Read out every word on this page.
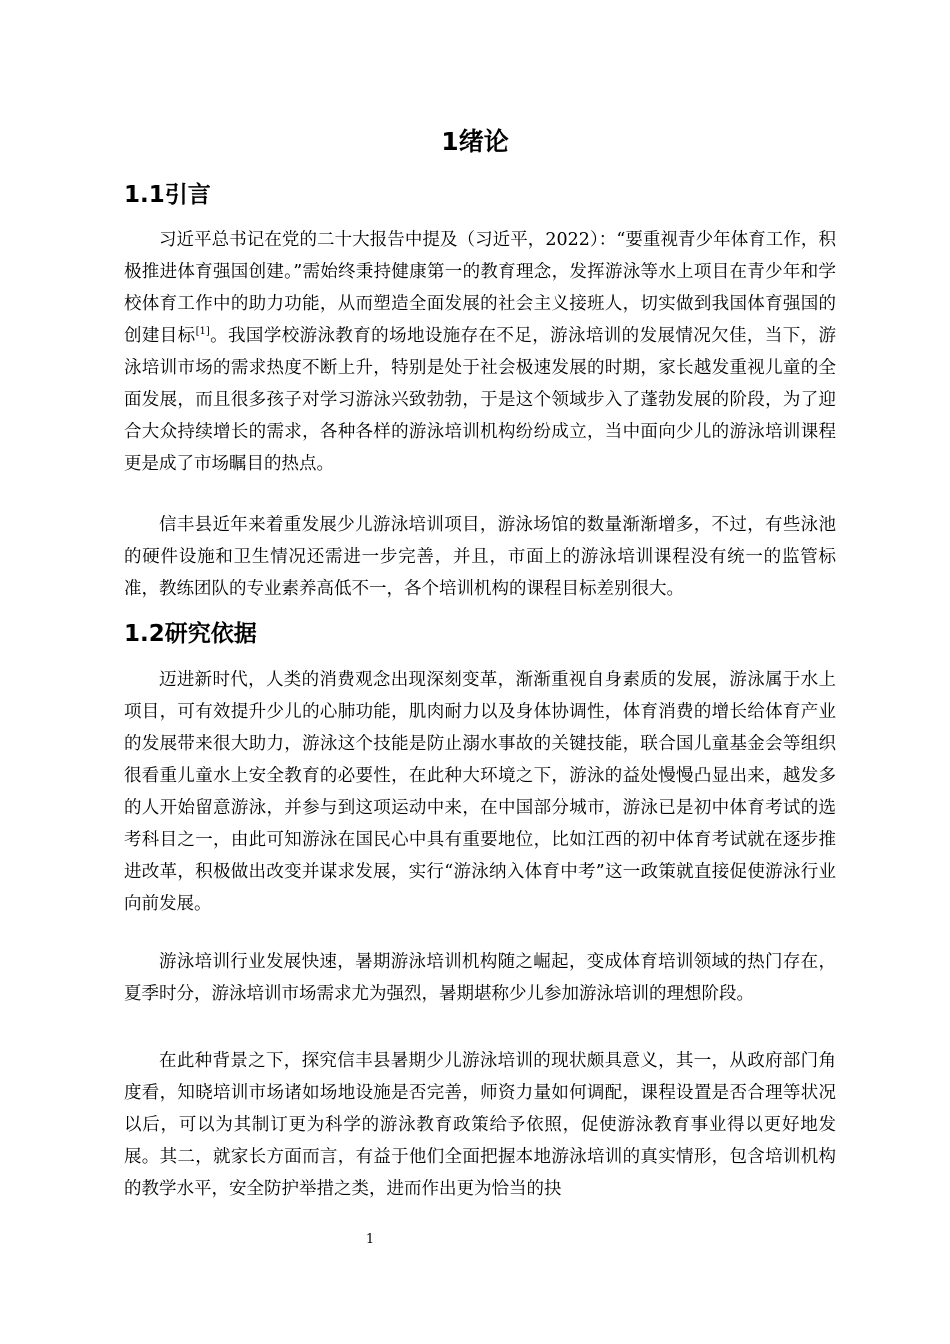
1绪论
1.1引言

习近平总书记在党的二十大报告中提及（习近平，2022）：“要重视青少年体育工作，积极推进体育强国创建。”需始终秉持健康第一的教育理念，发挥游泳等水上项目在青少年和学校体育工作中的助力功能，从而塑造全面发展的社会主义接班人，切实做到我国体育强国的创建目标[1]。我国学校游泳教育的场地设施存在不足，游泳培训的发展情况欠佳，当下，游泳培训市场的需求热度不断上升，特别是处于社会极速发展的时期，家长越发重视儿童的全面发展，而且很多孩子对学习游泳兴致勃勃，于是这个领域步入了蓬勃发展的阶段，为了迎合大众持续增长的需求，各种各样的游泳培训机构纷纷成立，当中面向少儿的游泳培训课程更是成了市场瞩目的热点。

信丰县近年来着重发展少儿游泳培训项目，游泳场馆的数量渐渐增多，不过，有些泳池的硬件设施和卫生情况还需进一步完善，并且，市面上的游泳培训课程没有统一的监管标准，教练团队的专业素养高低不一，各个培训机构的课程目标差别很大。

1.2研究依据

迈进新时代，人类的消费观念出现深刻变革，渐渐重视自身素质的发展，游泳属于水上项目，可有效提升少儿的心肺功能，肌肉耐力以及身体协调性，体育消费的增长给体育产业的发展带来很大助力，游泳这个技能是防止溺水事故的关键技能，联合国儿童基金会等组织很看重儿童水上安全教育的必要性，在此种大环境之下，游泳的益处慢慢凸显出来，越发多的人开始留意游泳，并参与到这项运动中来，在中国部分城市，游泳已是初中体育考试的选考科目之一，由此可知游泳在国民心中具有重要地位，比如江西的初中体育考试就在逐步推进改革，积极做出改变并谋求发展，实行“游泳纳入体育中考”这一政策就直接促使游泳行业向前发展。

游泳培训行业发展快速，暑期游泳培训机构随之崛起，变成体育培训领域的热门存在，夏季时分，游泳培训市场需求尤为强烈，暑期堪称少儿参加游泳培训的理想阶段。

在此种背景之下，探究信丰县暑期少儿游泳培训的现状颇具意义，其一，从政府部门角度看，知晓培训市场诸如场地设施是否完善，师资力量如何调配，课程设置是否合理等状况以后，可以为其制订更为科学的游泳教育政策给予依照，促使游泳教育事业得以更好地发展。其二，就家长方面而言，有益于他们全面把握本地游泳培训的真实情形，包含培训机构的教学水平，安全防护举措之类，进而作出更为恰当的抉

1
